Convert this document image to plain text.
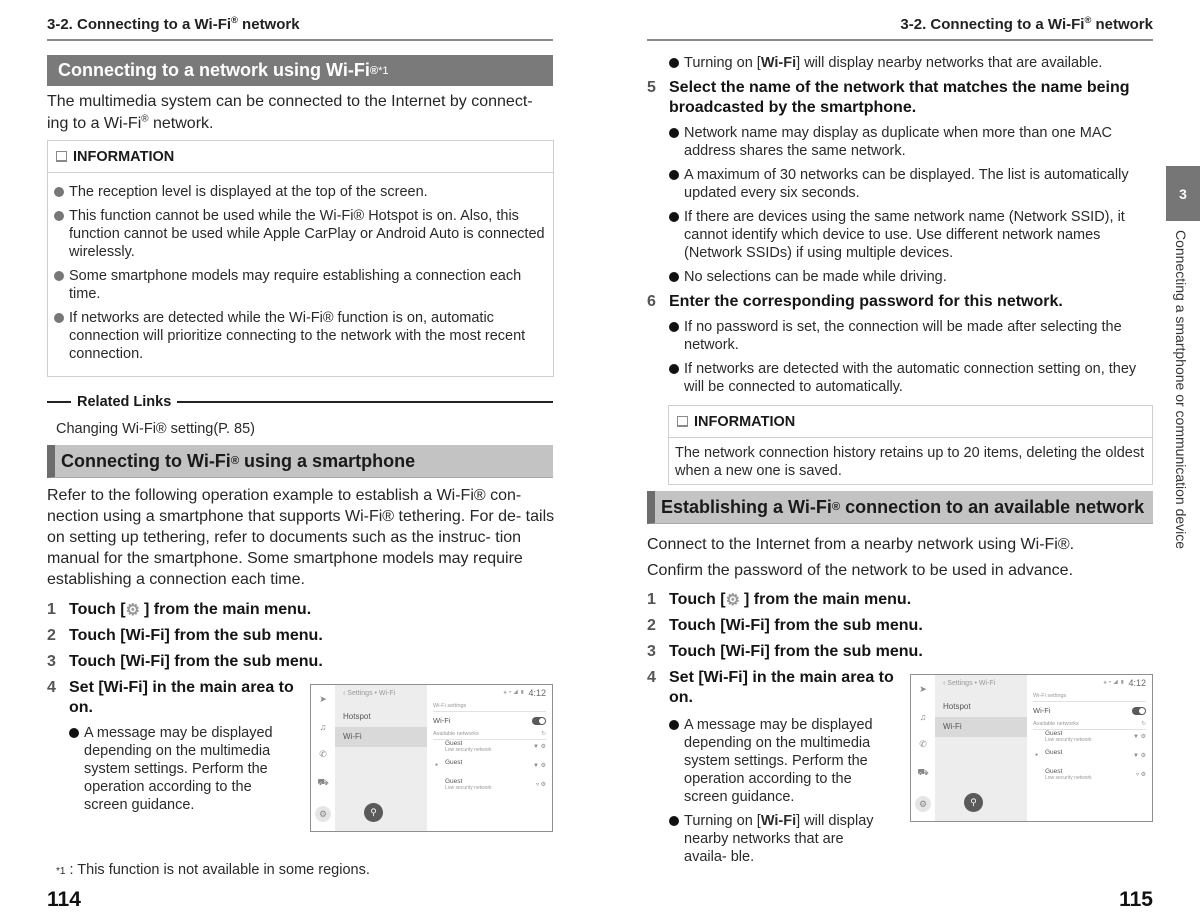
3-2. Connecting to a Wi-Fi® network
Connecting to a network using Wi-Fi ® *1
The multimedia system can be connected to the Internet by connect-
ing to a Wi-Fi® network.
INFORMATION
The reception level is displayed at the top of the screen.
This function cannot be used while the Wi-Fi® Hotspot is on. Also, this function cannot be used while Apple CarPlay or Android Auto is connected wirelessly.
Some smartphone models may require establishing a connection each time.
If networks are detected while the Wi-Fi® function is on, automatic connection will prioritize connecting to the network with the most recent connection.
Related Links
Changing Wi-Fi® setting(P. 85)
Connecting to Wi-Fi ® using a smartphone
Refer to the following operation example to establish a Wi-Fi® con- nection using a smartphone that supports Wi-Fi® tethering. For de- tails on setting up tethering, refer to documents such as the instruc- tion manual for the smartphone. Some smartphone models may require establishing a connection each time.
1 Touch [⚙ ] from the main menu.
2 Touch [Wi-Fi] from the sub menu.
3 Touch [Wi-Fi] from the sub menu.
4 Set [Wi-Fi] in the main area to on.
A message may be displayed depending on the multimedia system settings. Perform the operation according to the screen guidance.
➤
♫
✆
⛟
⚙
‹ Settings • Wi-Fi
Hotspot
Wi-Fi
⚲
⚹ ▿ ◢ ▮ 4:12
Wi-Fi settings
Wi-Fi
Available networks	↻
Guest
Low security network	▼ ⚙
● Guest	▼ ⚙
Guest
Low security network	▿ ⚙
*1 : This function is not available in some regions.
114
3-2. Connecting to a Wi-Fi® network
Turning on [Wi-Fi] will display nearby networks that are available.
5 Select the name of the network that matches the name being broadcasted by the smartphone.
Network name may display as duplicate when more than one MAC address shares the same network.
A maximum of 30 networks can be displayed. The list is automatically updated every six seconds.
If there are devices using the same network name (Network SSID), it cannot identify which device to use. Use different network names (Network SSIDs) if using multiple devices.
No selections can be made while driving.
6 Enter the corresponding password for this network.
If no password is set, the connection will be made after selecting the network.
If networks are detected with the automatic connection setting on, they will be connected to automatically.
INFORMATION
The network connection history retains up to 20 items, deleting the oldest when a new one is saved.
Establishing a Wi-Fi ® connection to an available network
Connect to the Internet from a nearby network using Wi-Fi®.
Confirm the password of the network to be used in advance.
1 Touch [⚙ ] from the main menu.
2 Touch [Wi-Fi] from the sub menu.
3 Touch [Wi-Fi] from the sub menu.
4 Set [Wi-Fi] in the main area to on.
A message may be displayed depending on the multimedia system settings. Perform the operation according to the screen guidance.
Turning on [Wi-Fi] will display nearby networks that are availa- ble.
➤
♫
✆
⛟
⚙
‹ Settings • Wi-Fi
Hotspot
Wi-Fi
⚲
⚹ ▿ ◢ ▮ 4:12
Wi-Fi settings
Wi-Fi
Available networks	↻
Guest
Low security network	▼ ⚙
● Guest	▼ ⚙
Guest
Low security network	▿ ⚙
115
3
Connecting a smartphone or communication device
